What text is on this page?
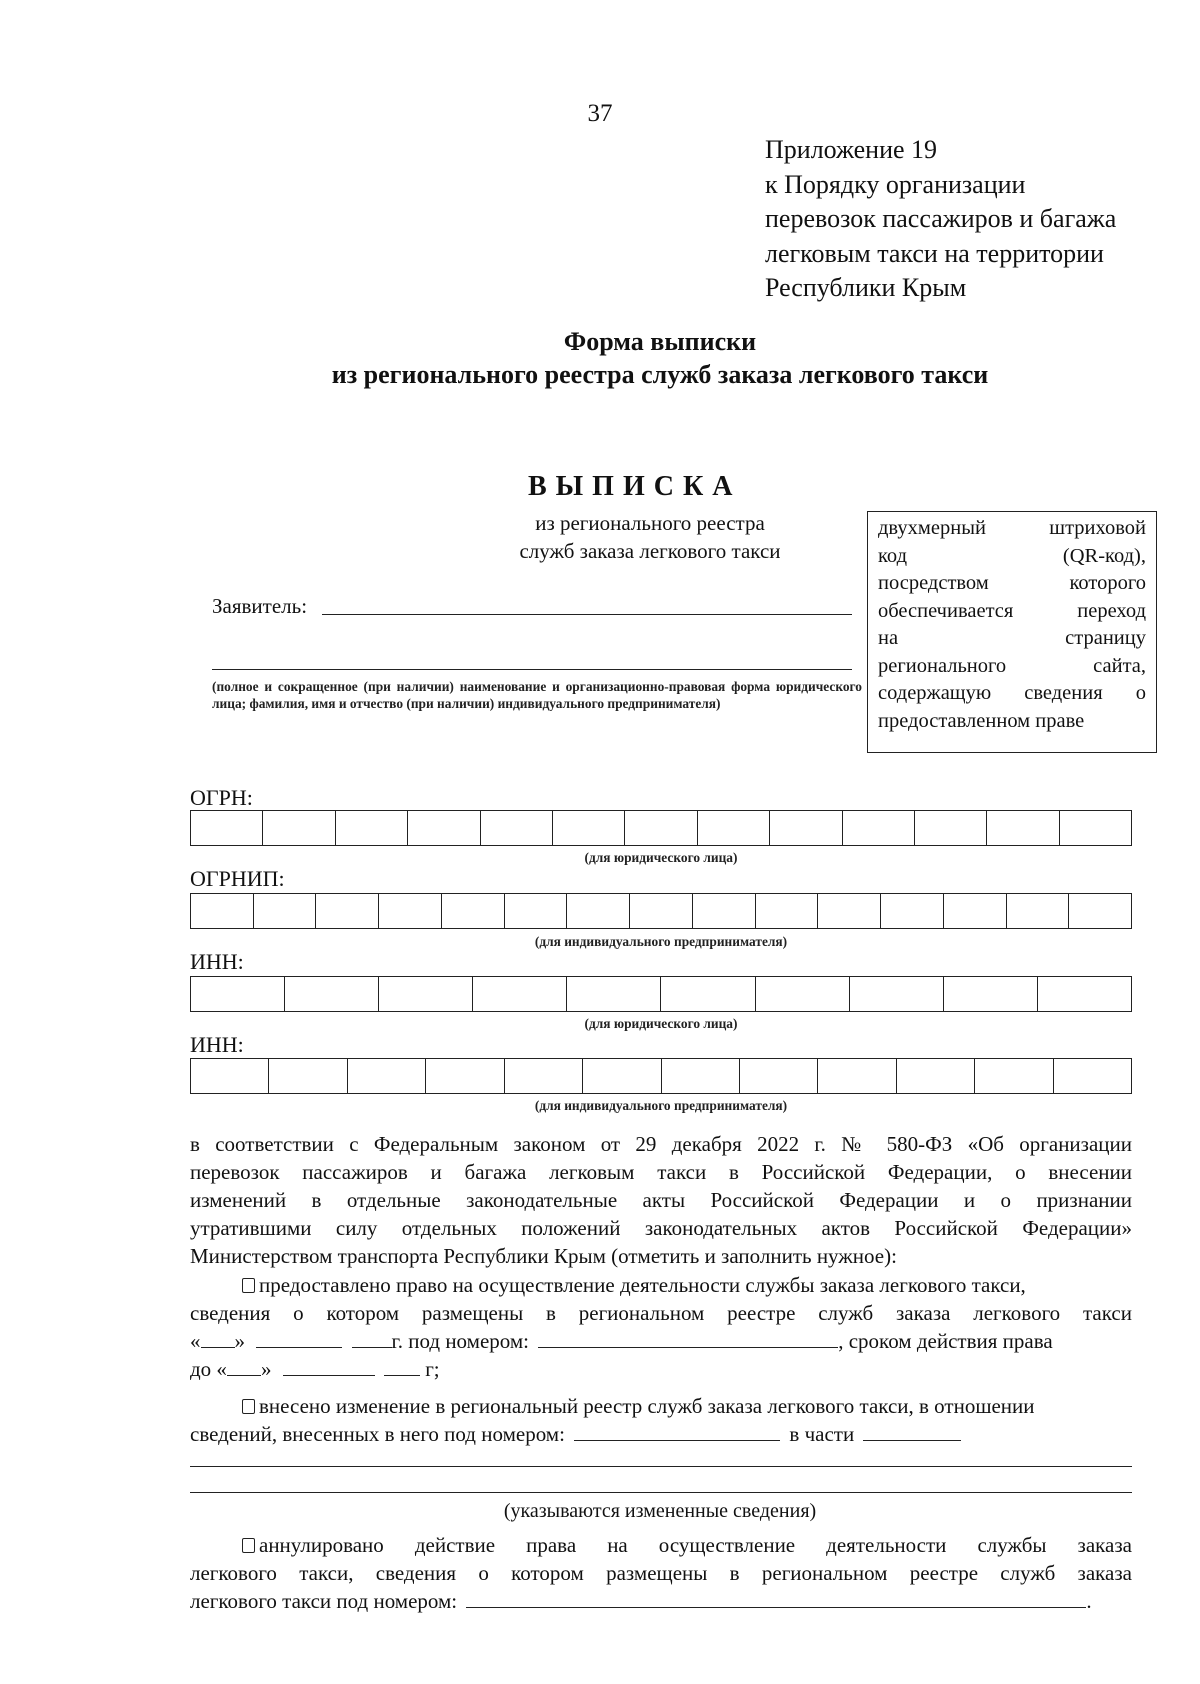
37
Приложение 19
к Порядку организации
перевозок пассажиров и багажа
легковым такси на территории
Республики Крым
Форма выписки
из регионального реестра служб заказа легкового такси
ВЫПИСКА
из регионального реестра
служб заказа легкового такси
двухмерный штриховой
код (QR-код),
посредством которого
обеспечивается переход
на страницу
регионального сайта,
содержащую сведения о
предоставленном праве
Заявитель:
(полное и сокращенное (при наличии) наименование и организационно-правовая форма юридического лица; фамилия, имя и отчество (при наличии) индивидуального предпринимателя)
ОГРН:
(для юридического лица)
ОГРНИП:
(для индивидуального предпринимателя)
ИНН:
(для юридического лица)
ИНН:
(для индивидуального предпринимателя)
в соответствии с Федеральным законом от 29 декабря 2022 г. № 580-ФЗ «Об организации
перевозок пассажиров и багажа легковым такси в Российской Федерации, о внесении
изменений в отдельные законодательные акты Российской Федерации и о признании
утратившими силу отдельных положений законодательных актов Российской Федерации»
Министерством транспорта Республики Крым (отметить и заполнить нужное):
предоставлено право на осуществление деятельности службы заказа легкового такси,
сведения о котором размещены в региональном реестре служб заказа легкового такси
« »	г. под номером:	, сроком действия права
до « »	г;
внесено изменение в региональный реестр служб заказа легкового такси, в отношении
сведений, внесенных в него под номером:	в части
(указываются измененные сведения)
аннулировано действие права на осуществление деятельности службы заказа
легкового такси, сведения о котором размещены в региональном реестре служб заказа
легкового такси под номером:	.
